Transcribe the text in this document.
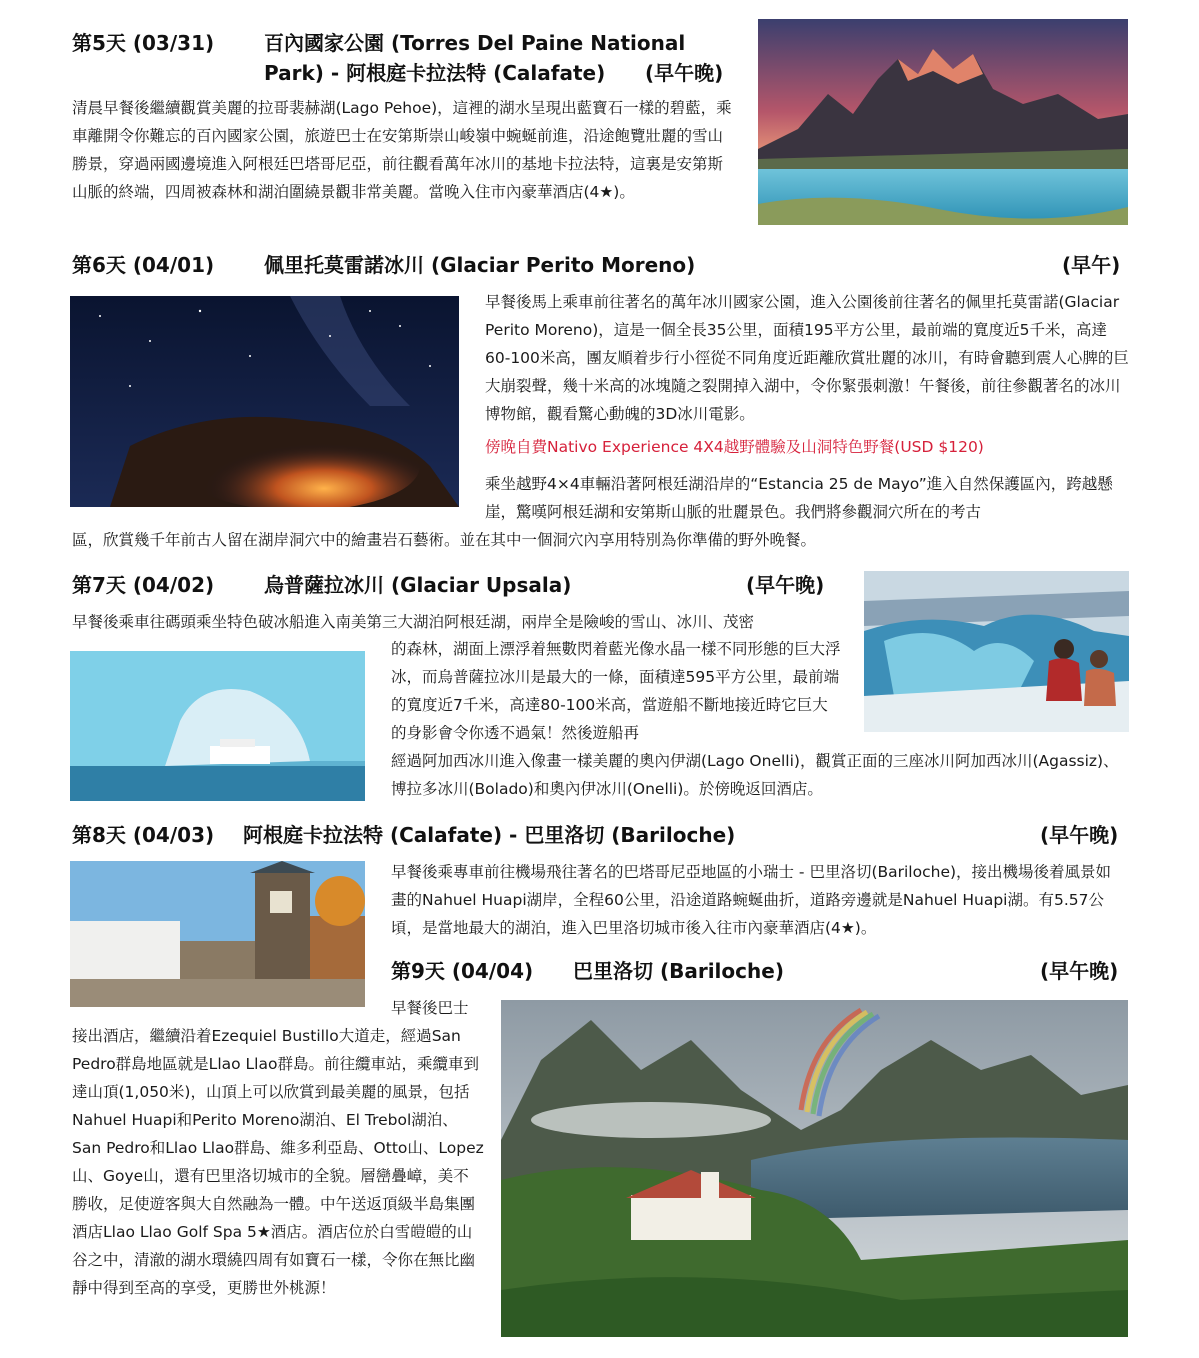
第5天 (03/31) 百內國家公園 (Torres Del Paine National
Park) - 阿根庭卡拉法特 (Calafate) (早午晚)
清晨早餐後繼續觀賞美麗的拉哥裴赫湖(Lago Pehoe)，這裡的湖水呈現出藍寶石一樣的碧藍，乘車離開令你難忘的百內國家公園，旅遊巴士在安第斯崇山峻嶺中蜿蜒前進，沿途飽覽壯麗的雪山勝景，穿過兩國邊境進入阿根廷巴塔哥尼亞，前往觀看萬年冰川的基地卡拉法特，這裏是安第斯山脈的終端，四周被森林和湖泊圍繞景觀非常美麗。當晚入住市內豪華酒店(4★)。
第6天 (04/01) 佩里托莫雷諾冰川 (Glaciar Perito Moreno)	(早午)
早餐後馬上乘車前往著名的萬年冰川國家公園，進入公園後前往著名的佩里托莫雷諾(Glaciar Perito Moreno)，這是一個全長35公里，面積195平方公里，最前端的寬度近5千米，高達60-100米高，團友順着步行小徑從不同角度近距離欣賞壯麗的冰川，有時會聽到震人心脾的巨大崩裂聲，幾十米高的冰塊隨之裂開掉入湖中，令你緊張刺激！午餐後，前往參觀著名的冰川博物館，觀看驚心動魄的3D冰川電影。
傍晚自費Nativo Experience 4X4越野體驗及山洞特色野餐(USD $120)
乘坐越野4×4車輛沿著阿根廷湖沿岸的“Estancia 25 de Mayo”進入自然保護區內，跨越懸崖，驚嘆阿根廷湖和安第斯山脈的壯麗景色。我們將參觀洞穴所在的考古
區，欣賞幾千年前古人留在湖岸洞穴中的繪畫岩石藝術。並在其中一個洞穴內享用特別為你準備的野外晚餐。
第7天 (04/02) 烏普薩拉冰川 (Glaciar Upsala)	(早午晚)
早餐後乘車往碼頭乘坐特色破冰船進入南美第三大湖泊阿根廷湖，兩岸全是險峻的雪山、冰川、茂密
的森林，湖面上漂浮着無數閃着藍光像水晶一樣不同形態的巨大浮冰，而烏普薩拉冰川是最大的一條，面積達595平方公里，最前端的寬度近7千米，高達80-100米高，當遊船不斷地接近時它巨大的身影會令你透不過氣！然後遊船再
經過阿加西冰川進入像畫一樣美麗的奧內伊湖(Lago Onelli)，觀賞正面的三座冰川阿加西冰川(Agassiz)、博拉多冰川(Bolado)和奧內伊冰川(Onelli)。於傍晚返回酒店。
第8天 (04/03) 阿根庭卡拉法特 (Calafate) - 巴里洛切 (Bariloche)	(早午晚)
早餐後乘專車前往機場飛往著名的巴塔哥尼亞地區的小瑞士 - 巴里洛切(Bariloche)，接出機場後着風景如畫的Nahuel Huapi湖岸，全程60公里，沿途道路蜿蜒曲折，道路旁邊就是Nahuel Huapi湖。有5.57公頃，是當地最大的湖泊，進入巴里洛切城市後入往市內豪華酒店(4★)。
第9天 (04/04) 巴里洛切 (Bariloche)	(早午晚)
早餐後巴士
接出酒店，繼續沿着Ezequiel Bustillo大道走，經過San Pedro群島地區就是Llao Llao群島。前往纜車站，乘纜車到達山頂(1,050米)，山頂上可以欣賞到最美麗的風景，包括Nahuel Huapi和Perito Moreno湖泊、El Trebol湖泊、San Pedro和Llao Llao群島、維多利亞島、Otto山、Lopez山、Goye山，還有巴里洛切城市的全貌。層巒疊嶂，美不勝收，足使遊客與大自然融為一體。中午送返頂級半島集團酒店Llao Llao Golf Spa 5★酒店。酒店位於白雪皚皚的山谷之中，清澈的湖水環繞四周有如寶石一樣，令你在無比幽靜中得到至高的享受，更勝世外桃源！
